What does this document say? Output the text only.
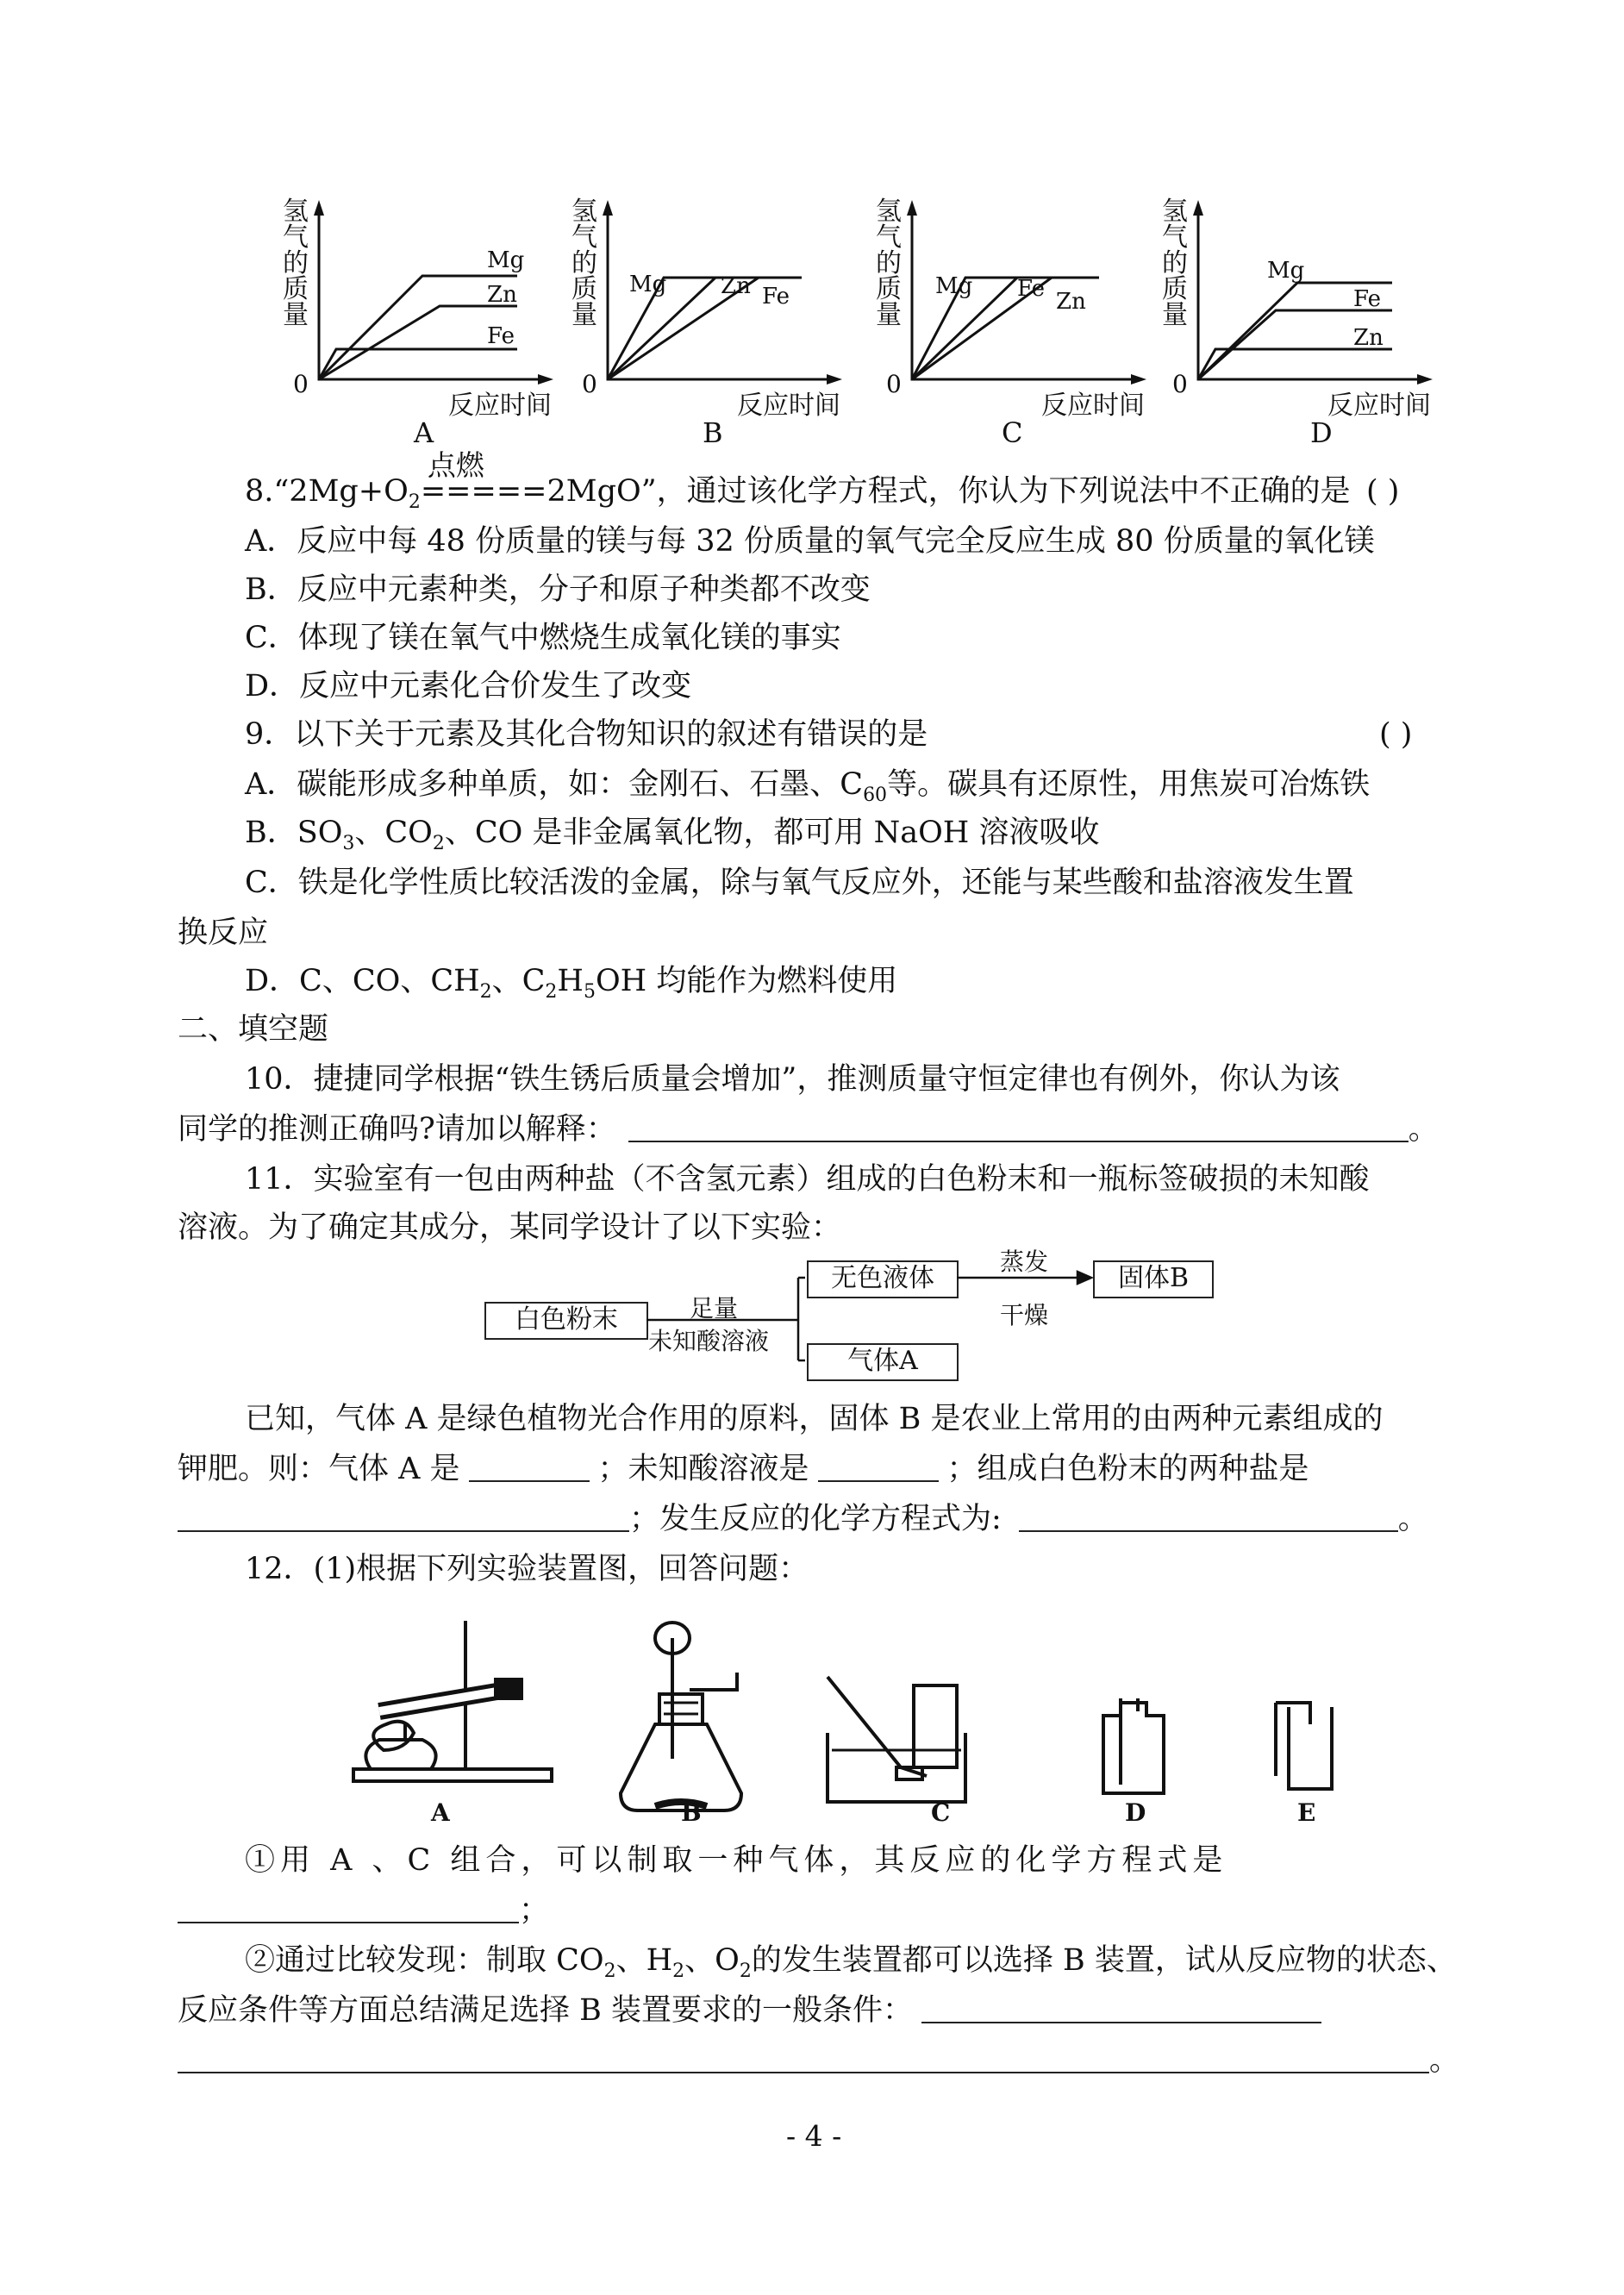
Mg
Zn
Fe
氢
气
的
质
量
0
反应时间
A
Mg Zn Fe
氢
气
的
质
量
0
反应时间
B
Mg Fe Zn
氢
气
的
质
量
0
反应时间
C
Mg
Fe
Zn
氢
气
的
质
量
0
反应时间
D
$8.“2Mg+O_2$
点燃
=====2MgO”，通过该化学方程式，你认为下列说法中不正确的是 ( )
A．反应中每 48 份质量的镁与每 32 份质量的氧气完全反应生成 80 份质量的氧化镁
B．反应中元素种类，分子和原子种类都不改变
C．体现了镁在氧气中燃烧生成氧化镁的事实
D．反应中元素化合价发生了改变
9．以下关于元素及其化合物知识的叙述有错误的是	( )
A．碳能形成多种单质，如：金刚石、石墨、$C_{60}$等。碳具有还原性，用焦炭可冶炼铁
B．$SO_3$、$CO_2$、CO 是非金属氧化物，都可用 NaOH 溶液吸收
C．铁是化学性质比较活泼的金属，除与氧气反应外，还能与某些酸和盐溶液发生置
换反应
D．C、CO、$CH_2$、$C_2H_5OH$ 均能作为燃料使用
二、填空题
10．捷捷同学根据“铁生锈后质量会增加”，推测质量守恒定律也有例外，你认为该
同学的推测正确吗?请加以解释：	。
11．实验室有一包由两种盐（不含氢元素）组成的白色粉末和一瓶标签破损的未知酸
溶液。为了确定其成分，某同学设计了以下实验：
白色粉末
无色液体	固体B
气体A
足量
未知酸溶液
蒸发
干燥
已知，气体 A 是绿色植物光合作用的原料，固体 B 是农业上常用的由两种元素组成的
钾肥。则：气体 A 是	；未知酸溶液是	；组成白色粉末的两种盐是
；发生反应的化学方程式为:	。
12．(1)根据下列实验装置图，回答问题：
A	B	C	D	E
①用 A 、C 组合，可以制取一种气体，其反应的化学方程式是
；
②通过比较发现：制取 $CO_2$、$H_2$、$O_2$的发生装置都可以选择 B 装置，试从反应物的状态、
反应条件等方面总结满足选择 B 装置要求的一般条件：
。
- 4 -
